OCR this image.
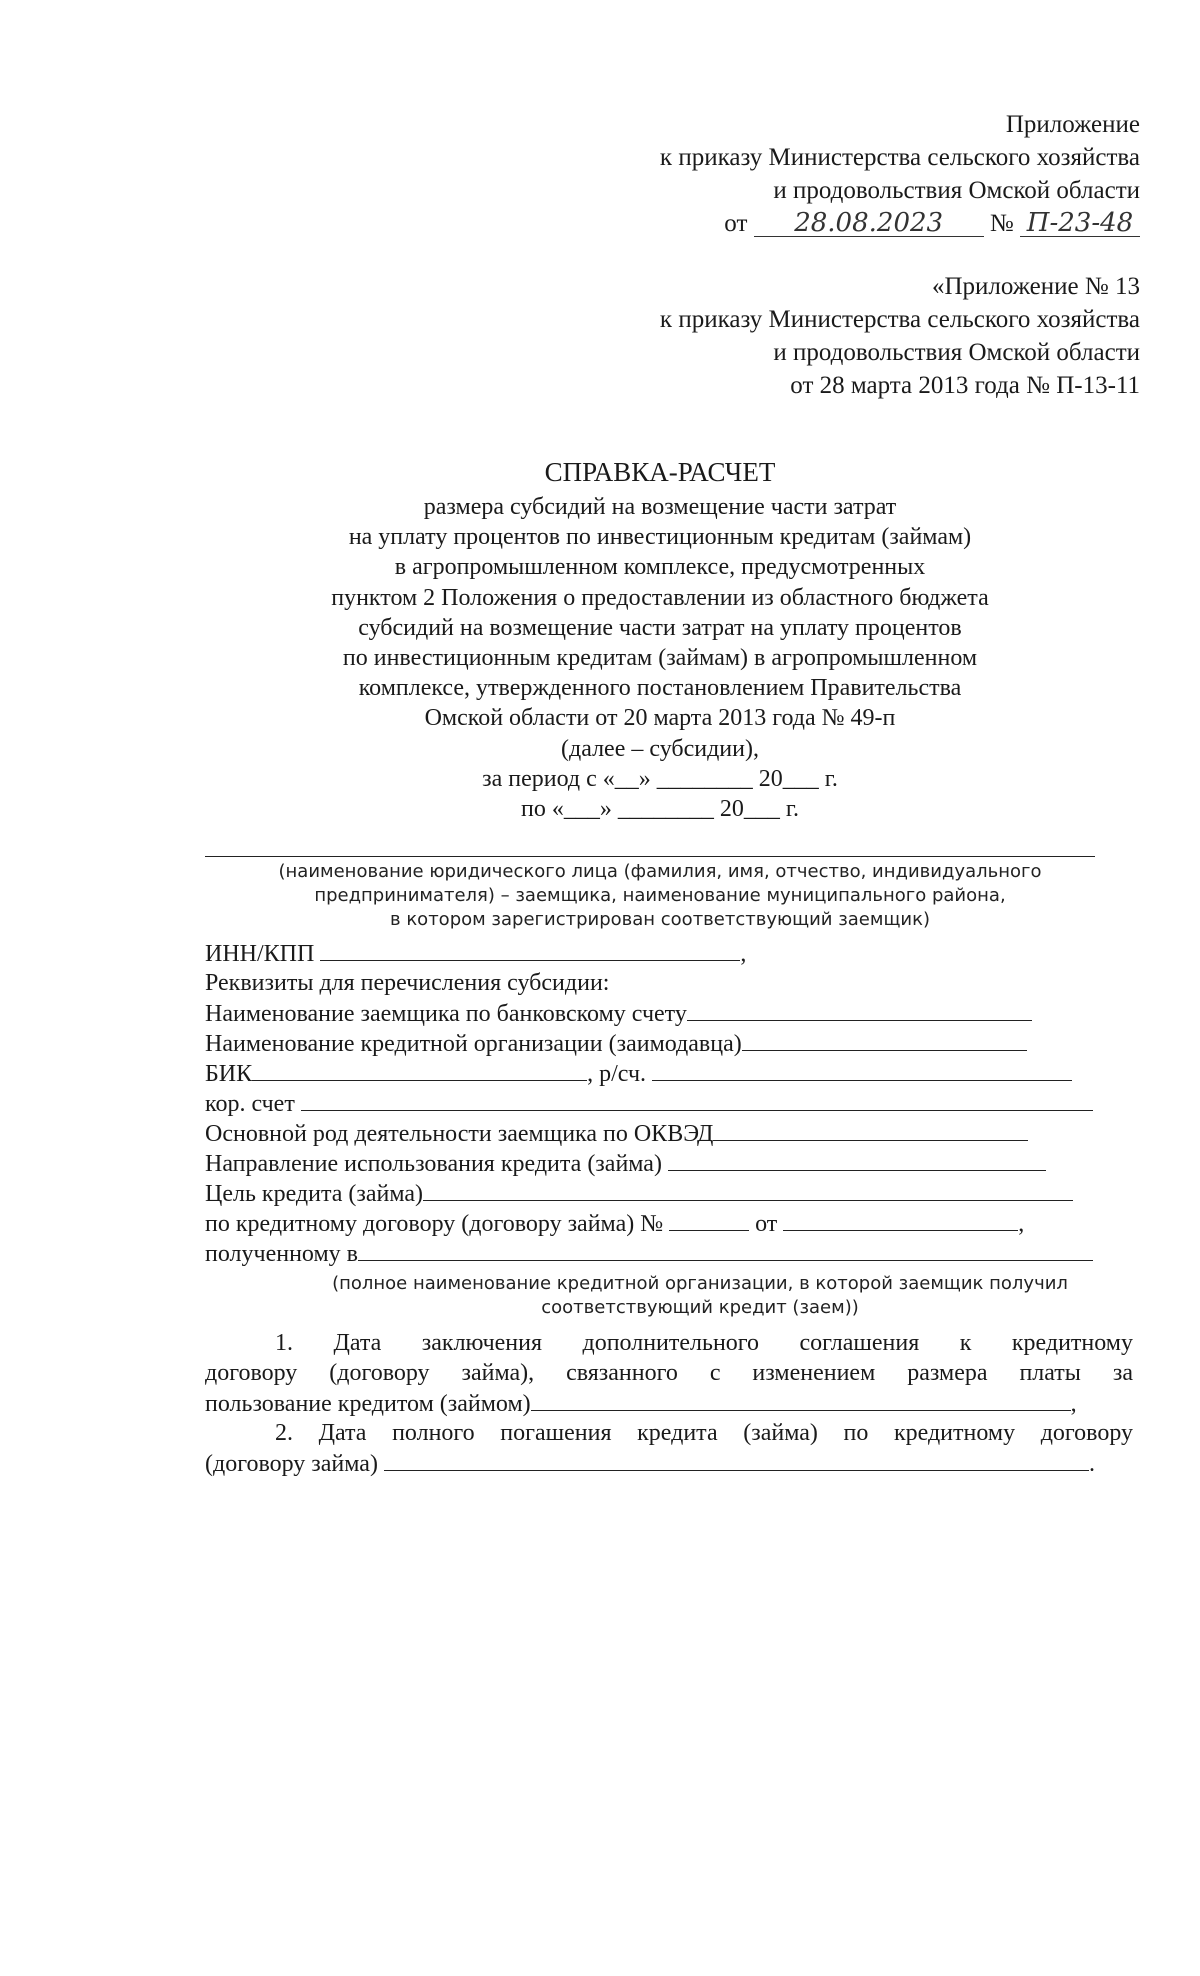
Приложение
к приказу Министерства сельского хозяйства
и продовольствия Омской области
от 28.08.2023 № П-23-48
«Приложение № 13
к приказу Министерства сельского хозяйства
и продовольствия Омской области
от 28 марта 2013 года № П-13-11
СПРАВКА-РАСЧЕТ
размера субсидий на возмещение части затрат
на уплату процентов по инвестиционным кредитам (займам)
в агропромышленном комплексе, предусмотренных
пунктом 2 Положения о предоставлении из областного бюджета
субсидий на возмещение части затрат на уплату процентов
по инвестиционным кредитам (займам) в агропромышленном
комплексе, утвержденного постановлением Правительства
Омской области от 20 марта 2013 года № 49-п
(далее – субсидии),
за период с «__» ________ 20___ г.
по «___» ________ 20___ г.
(наименование юридического лица (фамилия, имя, отчество, индивидуального
предпринимателя) – заемщика, наименование муниципального района,
в котором зарегистрирован соответствующий заемщик)
ИНН/КПП	,
Реквизиты для перечисления субсидии:
Наименование заемщика по банковскому счету
Наименование кредитной организации (заимодавца)
БИК	, р/сч.
кор. счет
Основной род деятельности заемщика по ОКВЭД
Направление использования кредита (займа)
Цель кредита (займа)
по кредитному договору (договору займа) №	от	,
полученному в
(полное наименование кредитной организации, в которой заемщик получил
соответствующий кредит (заем))
1. Дата заключения дополнительного соглашения к кредитному
договору (договору займа), связанного с изменением размера платы за
пользование кредитом (займом)	,
2. Дата полного погашения кредита (займа) по кредитному договору
(договору займа)	.
